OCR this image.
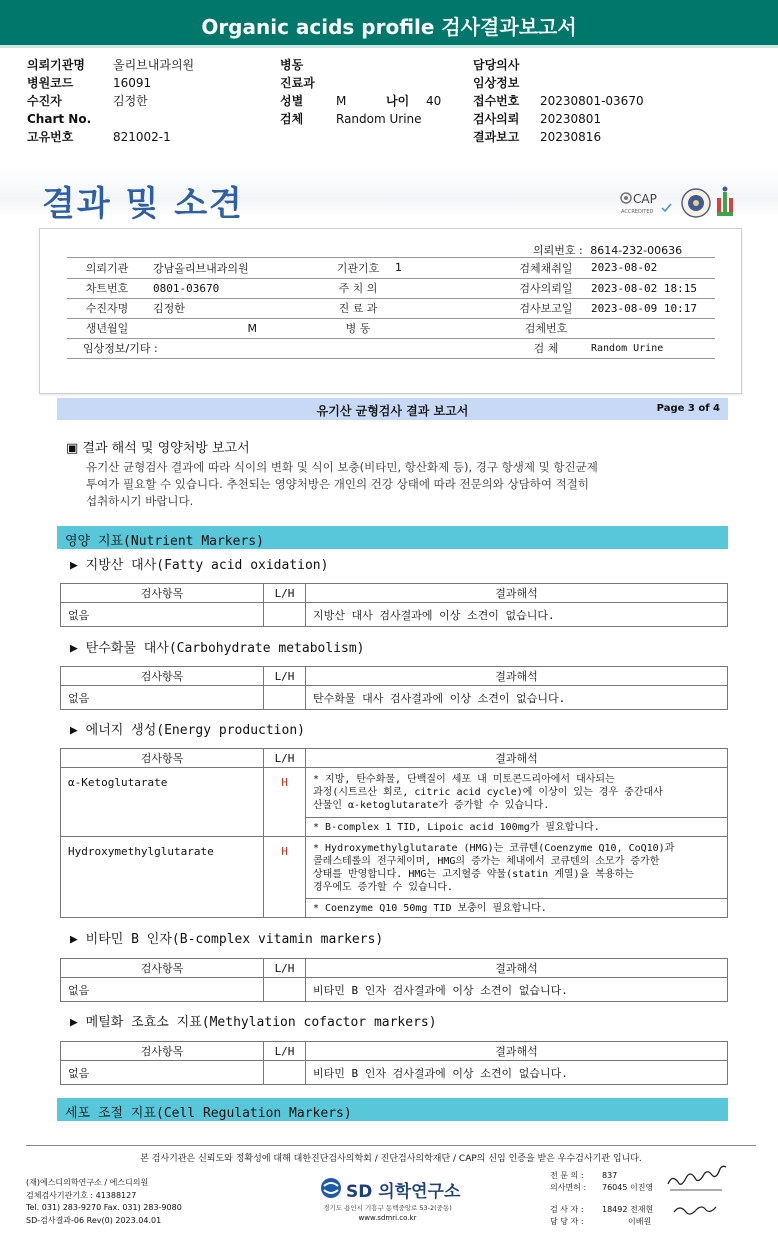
Organic acids profile 검사결과보고서
의뢰기관명	올리브내과의원
병원코드	16091
수진자	김정한
Chart No.
고유번호	821002-1
병동
진료과
성별	M	나이	40

검체	Random Urine
담당의사
임상정보
접수번호	20230801-03670
검사의뢰	20230801
결과보고	20230816
결과 및 소견	CAP
ACCREDITED
의뢰번호 : 8614-232-00636
의뢰기관	강남올리브내과의원	기관기호	1	검체채취일	2023-08-02
차트번호	0801-03670	주 치 의		검사의뢰일	2023-08-02 18:15
수진자명	김정한	진 료 과		검사보고일	2023-08-09 10:17
생년월일	M	병 동		검체번호	
임상정보/기타 :				검 체	Random Urine
유기산 균형검사 결과 보고서	Page 3 of 4
▣ 결과 해석 및 영양처방 보고서
유기산 균형검사 결과에 따라 식이의 변화 및 식이 보충(비타민, 항산화제 등), 경구 항생제 및 항진균제
투여가 필요할 수 있습니다. 추천되는 영양처방은 개인의 건강 상태에 따라 전문의와 상담하여 적절히
섭취하시기 바랍니다.
영양 지표(Nutrient Markers)
▶ 지방산 대사(Fatty acid oxidation)
검사항목	L/H	결과해석
없음		지방산 대사 검사결과에 이상 소견이 없습니다.
▶ 탄수화물 대사(Carbohydrate metabolism)
검사항목	L/H	결과해석
없음		탄수화물 대사 검사결과에 이상 소견이 없습니다.
▶ 에너지 생성(Energy production)
검사항목	L/H	결과해석
α-Ketoglutarate	H	* 지방, 탄수화물, 단백질이 세포 내 미토콘드리아에서 대사되는
과정(시트르산 회로, citric acid cycle)에 이상이 있는 경우 중간대사
산물인 α-ketoglutarate가 증가할 수 있습니다.

		* B-complex 1 TID, Lipoic acid 100mg가 필요합니다.
Hydroxymethylglutarate	H	* Hydroxymethylglutarate (HMG)는 코큐텐(Coenzyme Q10, CoQ10)과
콜레스테롤의 전구체이며, HMG의 증가는 체내에서 코큐텐의 소모가 증가한
상태를 반영합니다. HMG는 고지혈증 약물(statin 계열)을 복용하는
경우에도 증가할 수 있습니다.

		* Coenzyme Q10 50mg TID 보충이 필요합니다.
▶ 비타민 B 인자(B-complex vitamin markers)
검사항목	L/H	결과해석
없음		비타민 B 인자 검사결과에 이상 소견이 없습니다.
▶ 메틸화 조효소 지표(Methylation cofactor markers)
검사항목	L/H	결과해석
없음		비타민 B 인자 검사결과에 이상 소견이 없습니다.
세포 조절 지표(Cell Regulation Markers)
본 검사기관은 신뢰도와 정확성에 대해 대한진단검사의학회 / 진단검사의학재단 / CAP의 신임 인증을 받은 우수검사기관 입니다.
(재)에스디의학연구소 / 에스디의원
검체검사기관기호 : 41388127
Tel. 031) 283-9270 Fax. 031) 283-9080
SD-검사결과-06 Rev(0) 2023.04.01
SD 의학연구소
경기도 용인시 기흥구 동백중앙로 53-2(중동)
www.sdmri.co.kr
전 문 의 :	837
의사면허 :	76045 이진영
검 사 자 :	18492 전재현
담 당 자 :	이배원
